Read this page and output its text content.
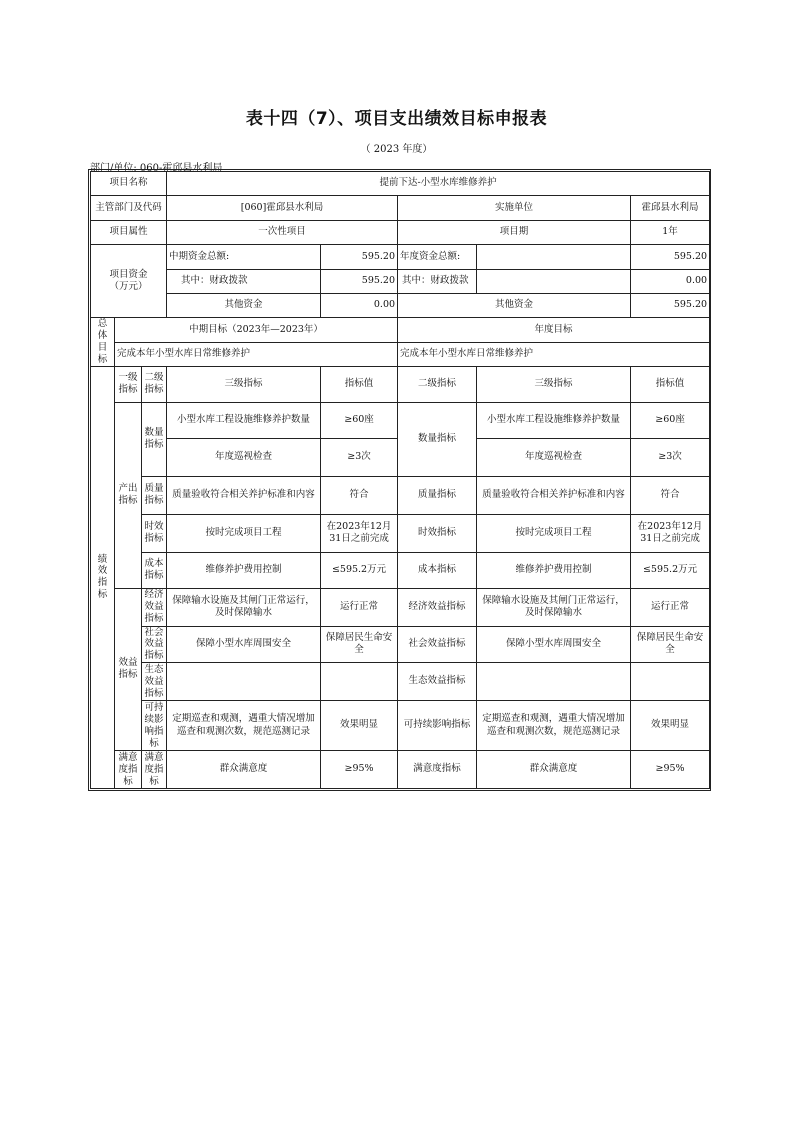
表十四（7）、项目支出绩效目标申报表
（ 2023 年度）
部门/单位: 060-霍邱县水利局
项目名称			提前下达-小型水库维修养护				
主管部门及代码			[060]霍邱县水利局		实施单位		霍邱县水利局
项目属性			一次性项目		项目期		1年
项目资金
（万元）			中期资金总额:	595.20	年度资金总额:		595.20
			其中：财政拨款	595.20	其中：财政拨款		0.00
			其他资金	0.00	其他资金		595.20
总体目标	中期目标（2023年—2023年）				年度目标		
	完成本年小型水库日常维修养护				完成本年小型水库日常维修养护		
绩效指标	一级指标	二级指标	三级指标	指标值	二级指标	三级指标	指标值
	产出指标	数量指标	小型水库工程设施维修养护数量	≥60座	数量指标	小型水库工程设施维修养护数量	≥60座
			年度巡视检查	≥3次		年度巡视检查	≥3次
		质量指标	质量验收符合相关养护标准和内容	符合	质量指标	质量验收符合相关养护标准和内容	符合
		时效指标	按时完成项目工程	在2023年12月31日之前完成	时效指标	按时完成项目工程	在2023年12月31日之前完成
		成本指标	维修养护费用控制	≤595.2万元	成本指标	维修养护费用控制	≤595.2万元
	效益指标	经济效益指标	保障输水设施及其闸门正常运行，及时保障输水	运行正常	经济效益指标	保障输水设施及其闸门正常运行，及时保障输水	运行正常
		社会效益指标	保障小型水库周围安全	保障居民生命安全	社会效益指标	保障小型水库周围安全	保障居民生命安全
		生态效益指标			生态效益指标		
		可持续影响指标	定期巡查和观测，遇重大情况增加巡查和观测次数，规范巡测记录	效果明显	可持续影响指标	定期巡查和观测，遇重大情况增加巡查和观测次数，规范巡测记录	效果明显
	满意度指标	满意度指标	群众满意度	≥95%	满意度指标	群众满意度	≥95%
